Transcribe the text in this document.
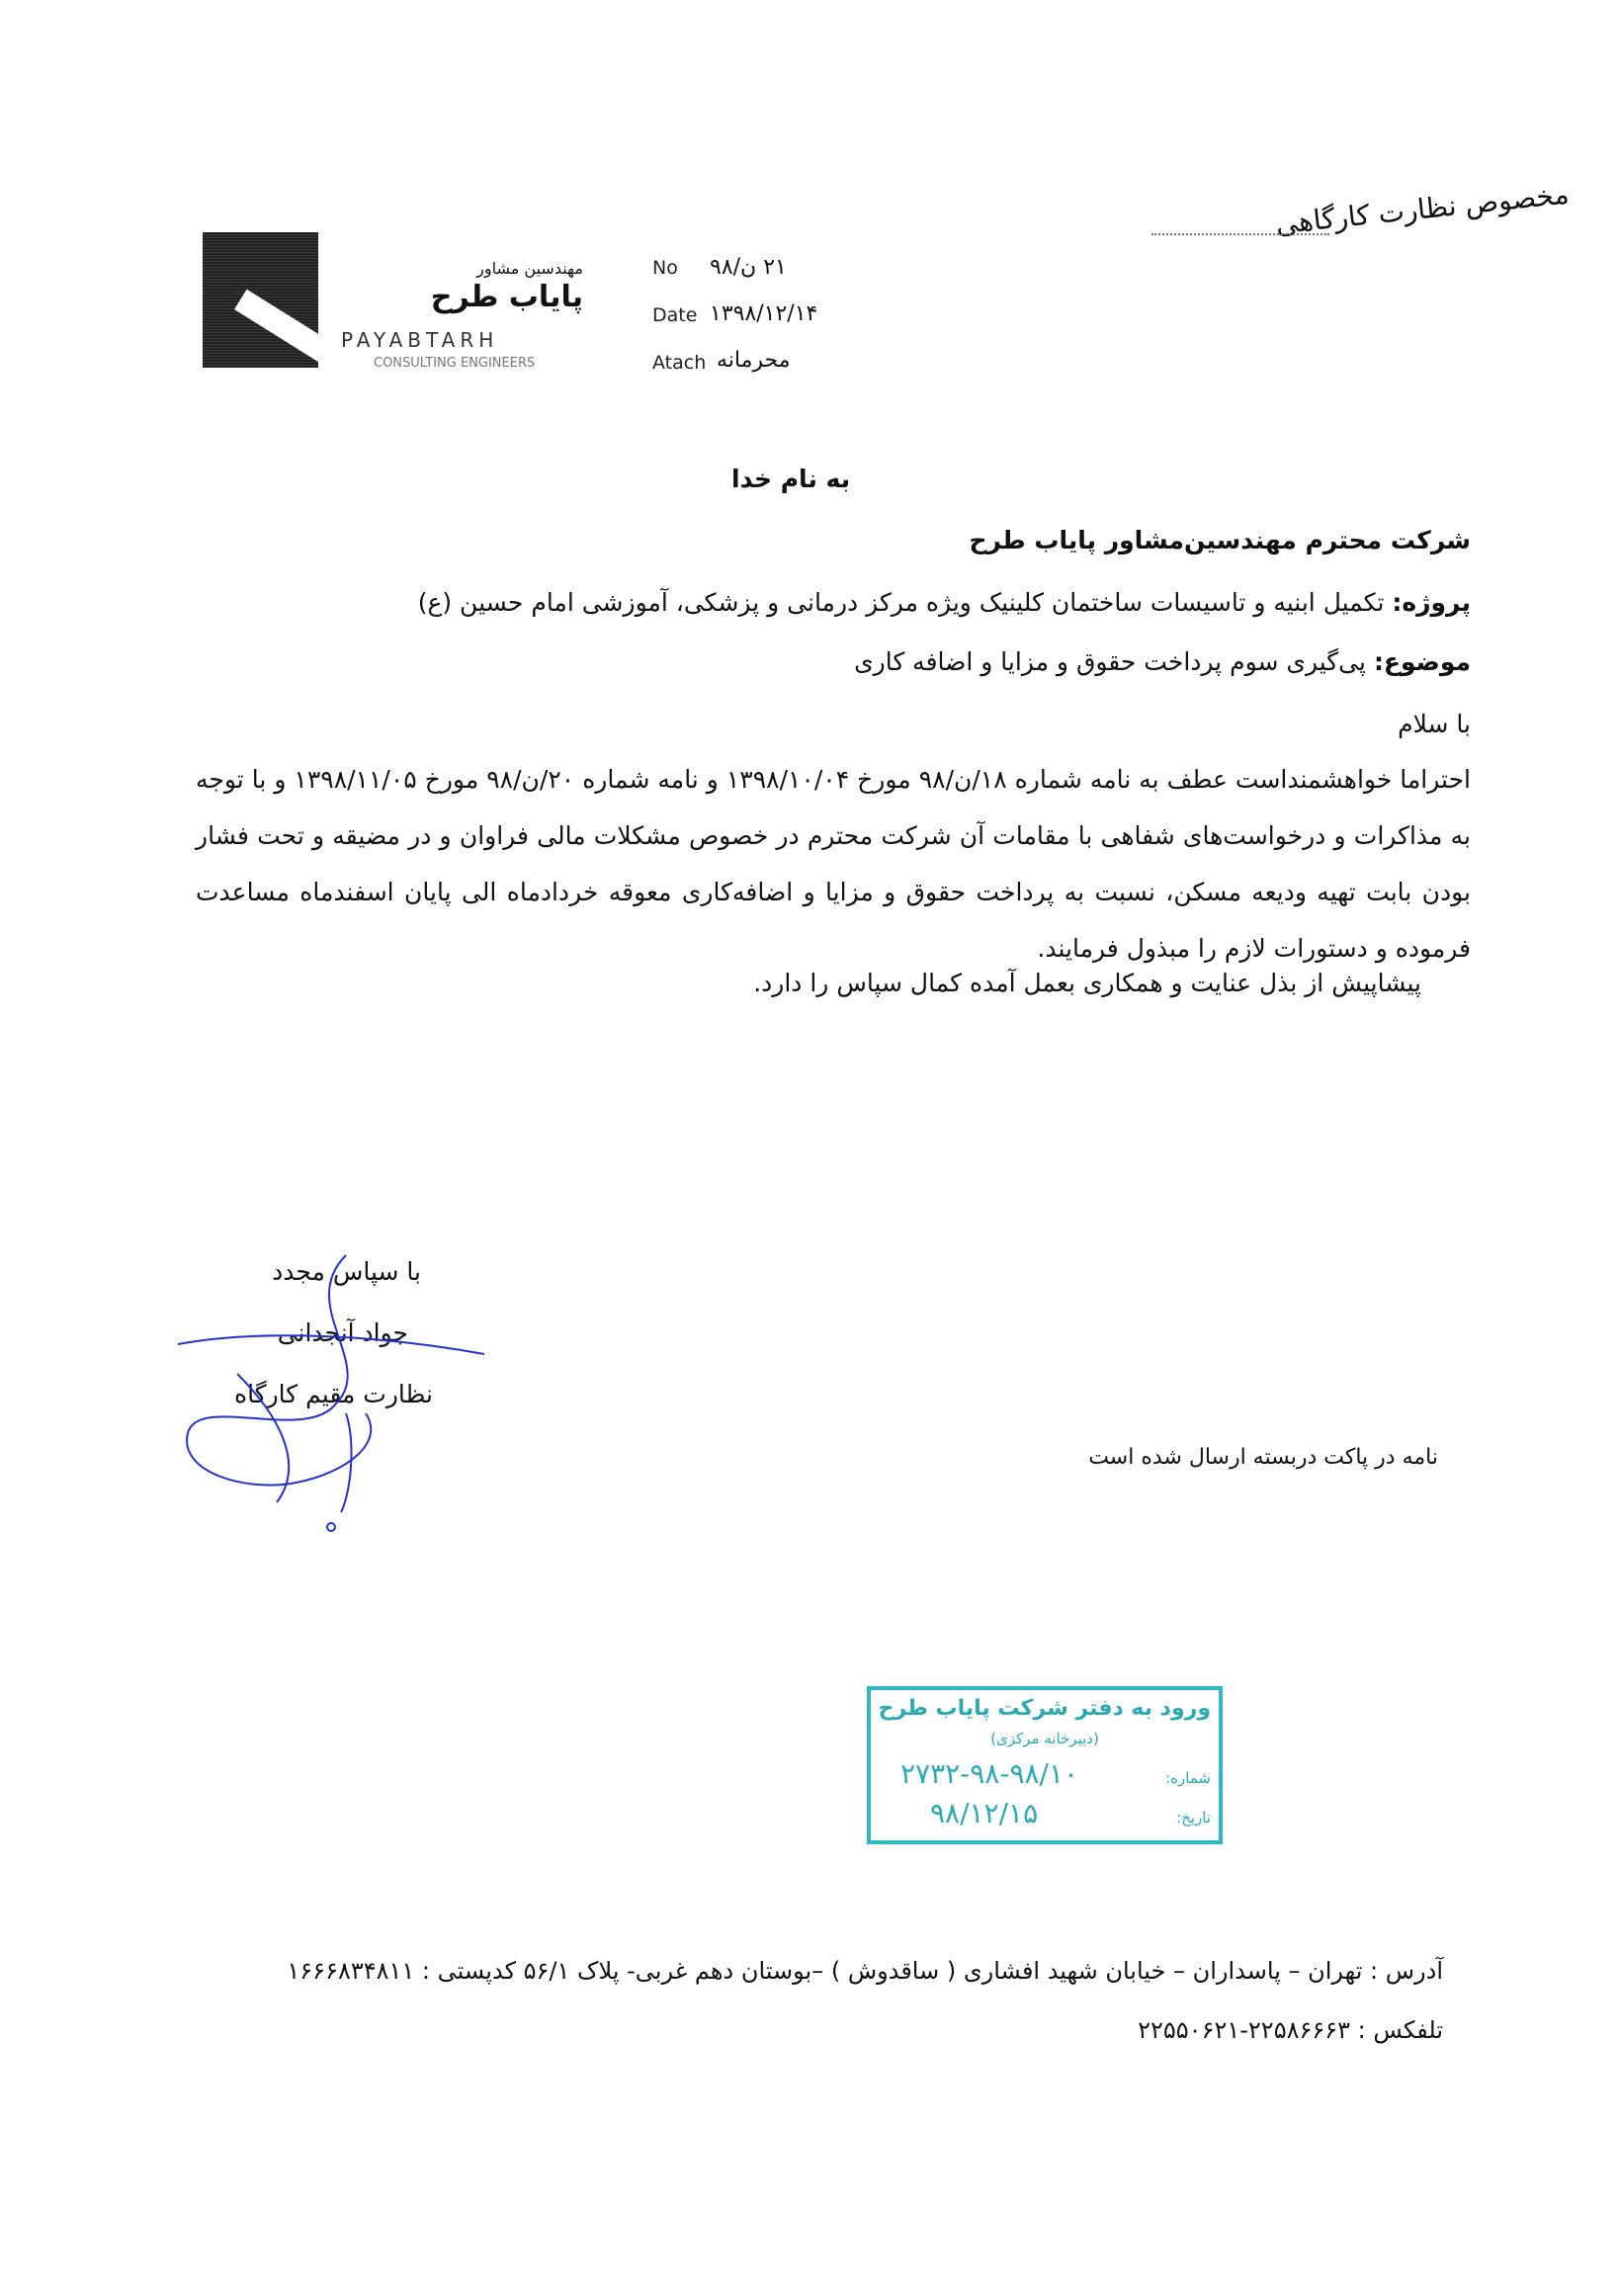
مخصوص نظارت کارگاهی
مهندسین مشاور
پایاب طرح
PAYABTARH
CONSULTING ENGINEERS
No ۲۱ ن/۹۸
Date ۱۳۹۸/۱۲/۱۴
Atach محرمانه
به نام خدا
شرکت محترم مهندسین‌مشاور پایاب طرح
پروژه: تکمیل ابنیه و تاسیسات ساختمان کلینیک ویژه مرکز درمانی و پزشکی، آموزشی امام حسین (ع)
موضوع: پی‌گیری سوم پرداخت حقوق و مزایا و اضافه کاری
با سلام
احتراما خواهشمنداست عطف به نامه شماره ۱۸/ن/۹۸ مورخ ۱۳۹۸/۱۰/۰۴ و نامه شماره ۲۰/ن/۹۸ مورخ ۱۳۹۸/۱۱/۰۵ و با توجه به مذاکرات و درخواست‌های شفاهی با مقامات آن شرکت محترم در خصوص مشکلات مالی فراوان و در مضیقه و تحت فشار بودن بابت تهیه ودیعه مسکن، نسبت به پرداخت حقوق و مزایا و اضافه‌کاری معوقه خردادماه الی پایان اسفندماه مساعدت فرموده و دستورات لازم را مبذول فرمایند.
پیشاپیش از بذل عنایت و همکاری بعمل آمده کمال سپاس را دارد.
با سپاس مجدد
جواد آنجدانی
نظارت مقیم کارگاه
نامه در پاکت دربسته ارسال شده است
ورود به دفتر شرکت پایاب طرح
(دبیرخانه مرکزی)
شماره:
۲۷۳۲-۹۸-۹۸/۱۰
تاریخ:
۹۸/۱۲/۱۵
آدرس : تهران – پاسداران – خیابان شهید افشاری ( ساقدوش ) –بوستان دهم غربی- پلاک ۵۶/۱ کدپستی : ۱۶۶۶۸۳۴۸۱۱
تلفکس : ۲۲۵۸۶۶۶۳-۲۲۵۵۰۶۲۱
